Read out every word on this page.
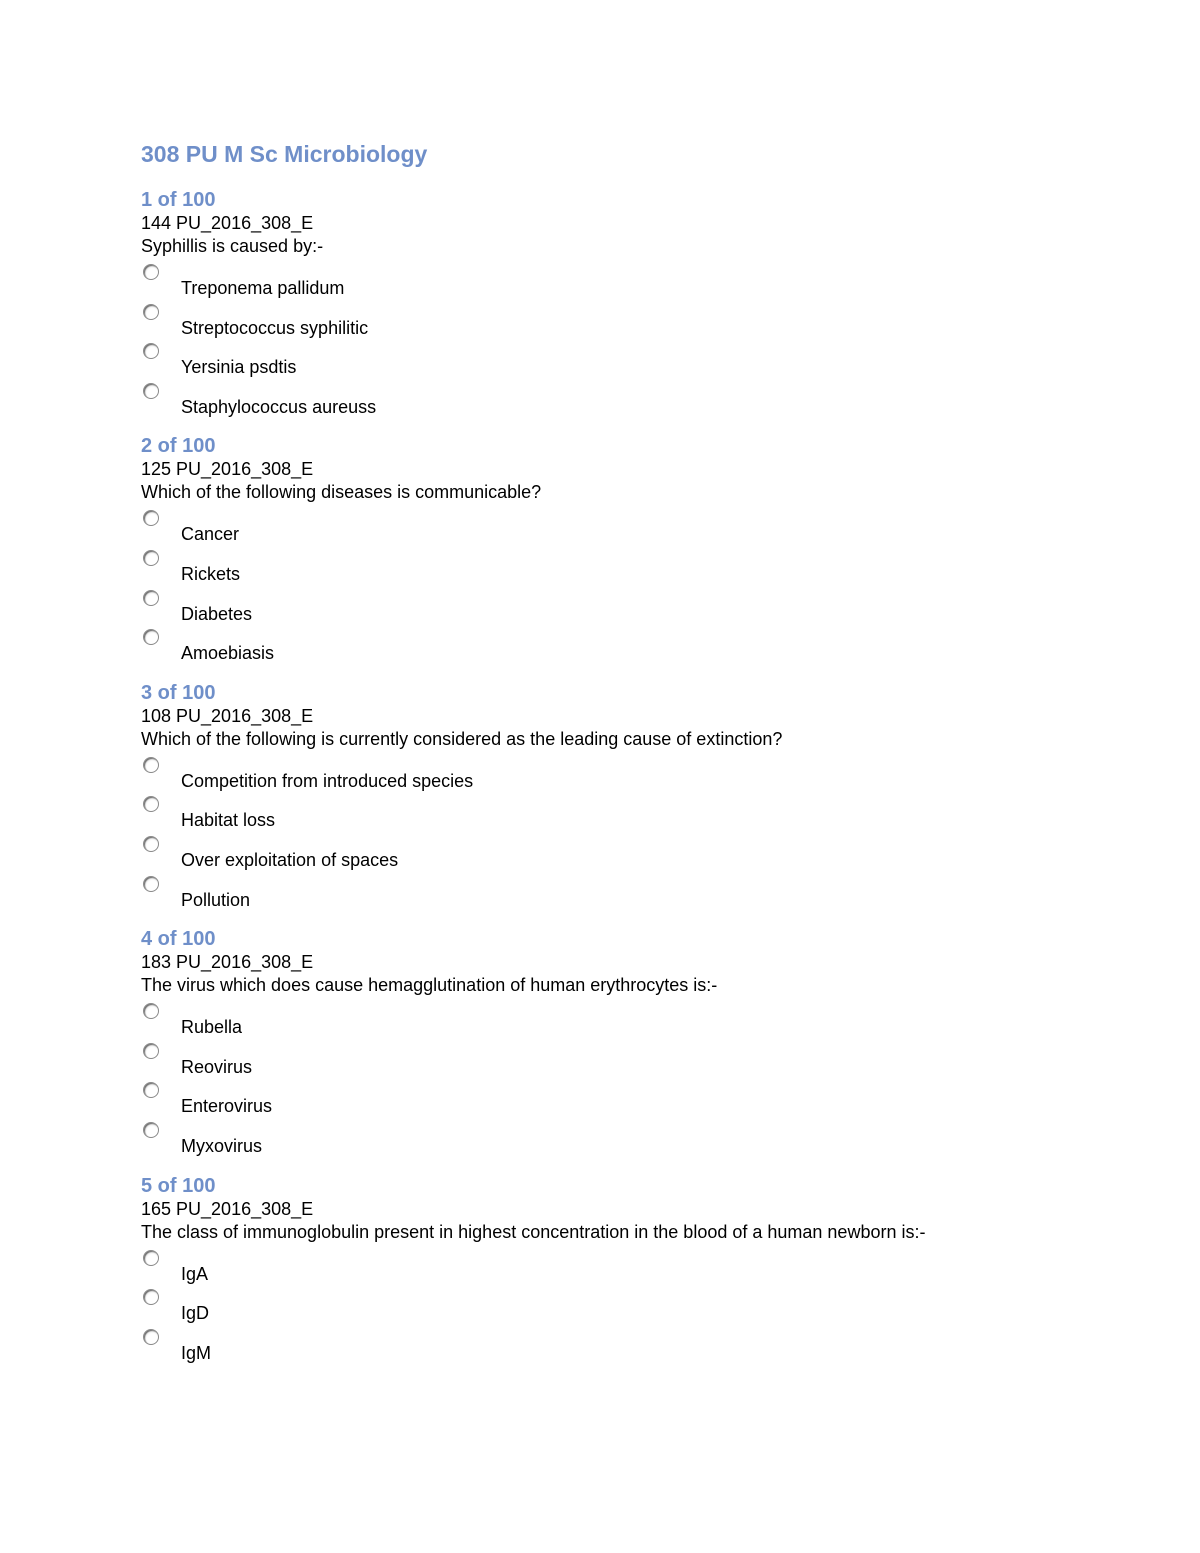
308 PU M Sc Microbiology
1 of 100
144 PU_2016_308_E
Syphillis is caused by:-
Treponema pallidum
Streptococcus syphilitic
Yersinia psdtis
Staphylococcus aureuss
2 of 100
125 PU_2016_308_E
Which of the following diseases is communicable?
Cancer
Rickets
Diabetes
Amoebiasis
3 of 100
108 PU_2016_308_E
Which of the following is currently considered as the leading cause of extinction?
Competition from introduced species
Habitat loss
Over exploitation of spaces
Pollution
4 of 100
183 PU_2016_308_E
The virus which does cause hemagglutination of human erythrocytes is:-
Rubella
Reovirus
Enterovirus
Myxovirus
5 of 100
165 PU_2016_308_E
The class of immunoglobulin present in highest concentration in the blood of a human newborn is:-
IgA
IgD
IgM
